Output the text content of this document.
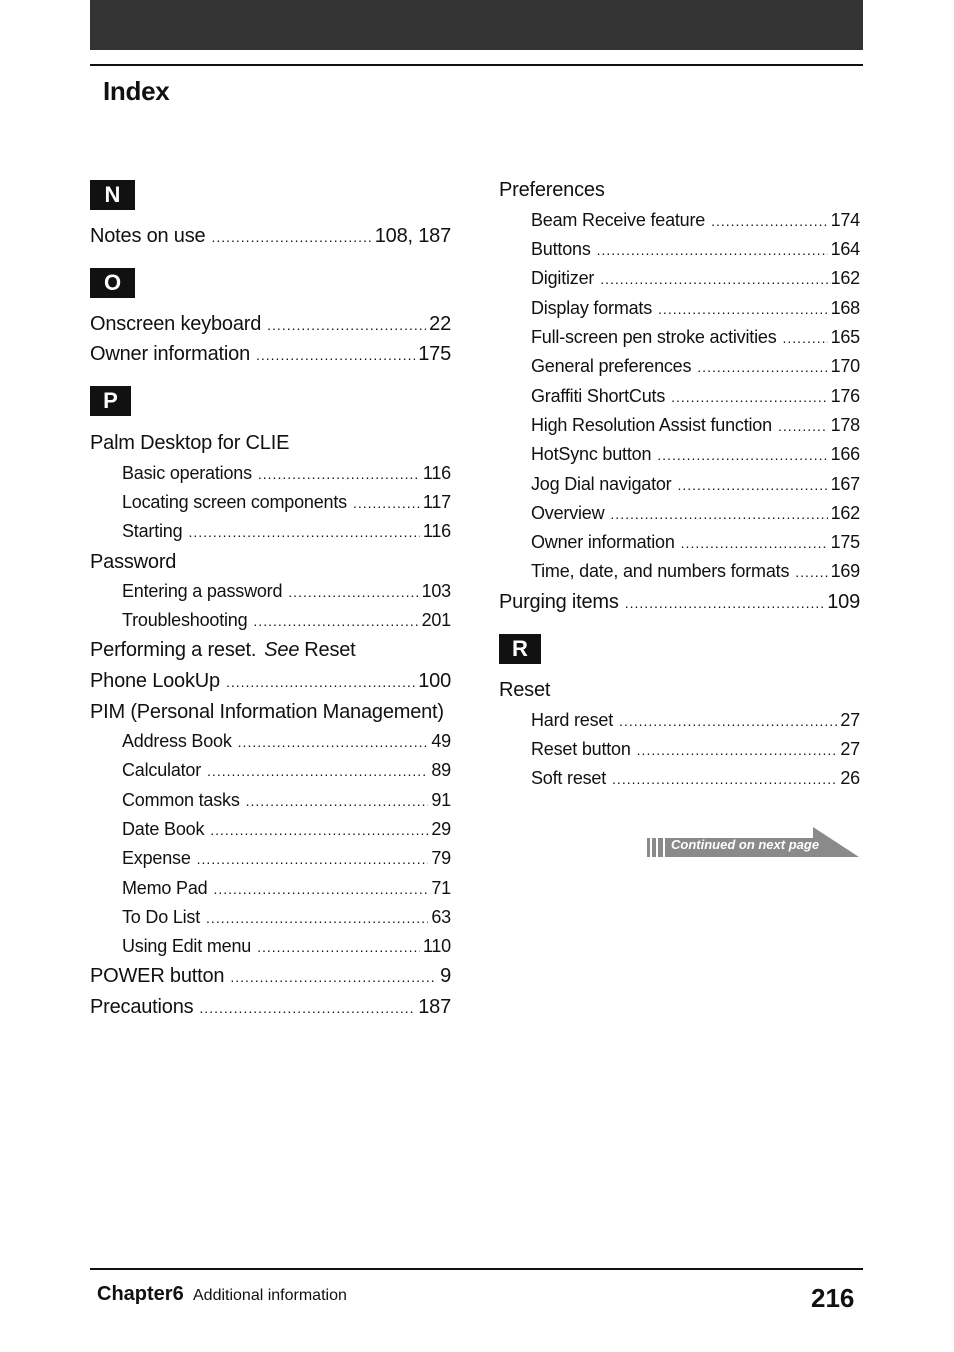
Index
N
Notes on use .....	108, 187
O
Onscreen keyboard .....	22
Owner information .....	175
P
Palm Desktop for CLIE
Basic operations .....	116
Locating screen components .....	117
Starting .....	116
Password
Entering a password .....	103
Troubleshooting .....	201
Performing a reset. See Reset
Phone LookUp .....	100
PIM (Personal Information Management)
Address Book .....	49
Calculator .....	89
Common tasks .....	91
Date Book .....	29
Expense .....	79
Memo Pad .....	71
To Do List .....	63
Using Edit menu .....	110
POWER button .....	9
Precautions .....	187
Preferences
Beam Receive feature .....	174
Buttons .....	164
Digitizer .....	162
Display formats .....	168
Full-screen pen stroke activities .....	165
General preferences .....	170
Graffiti ShortCuts .....	176
High Resolution Assist function .....	178
HotSync button .....	166
Jog Dial navigator .....	167
Overview .....	162
Owner information .....	175
Time, date, and numbers formats ..... 169
Purging items .....	109
R
Reset
Hard reset .....	27
Reset button .....	27
Soft reset .....	26
Continued on next page
Chapter6 Additional information	216
